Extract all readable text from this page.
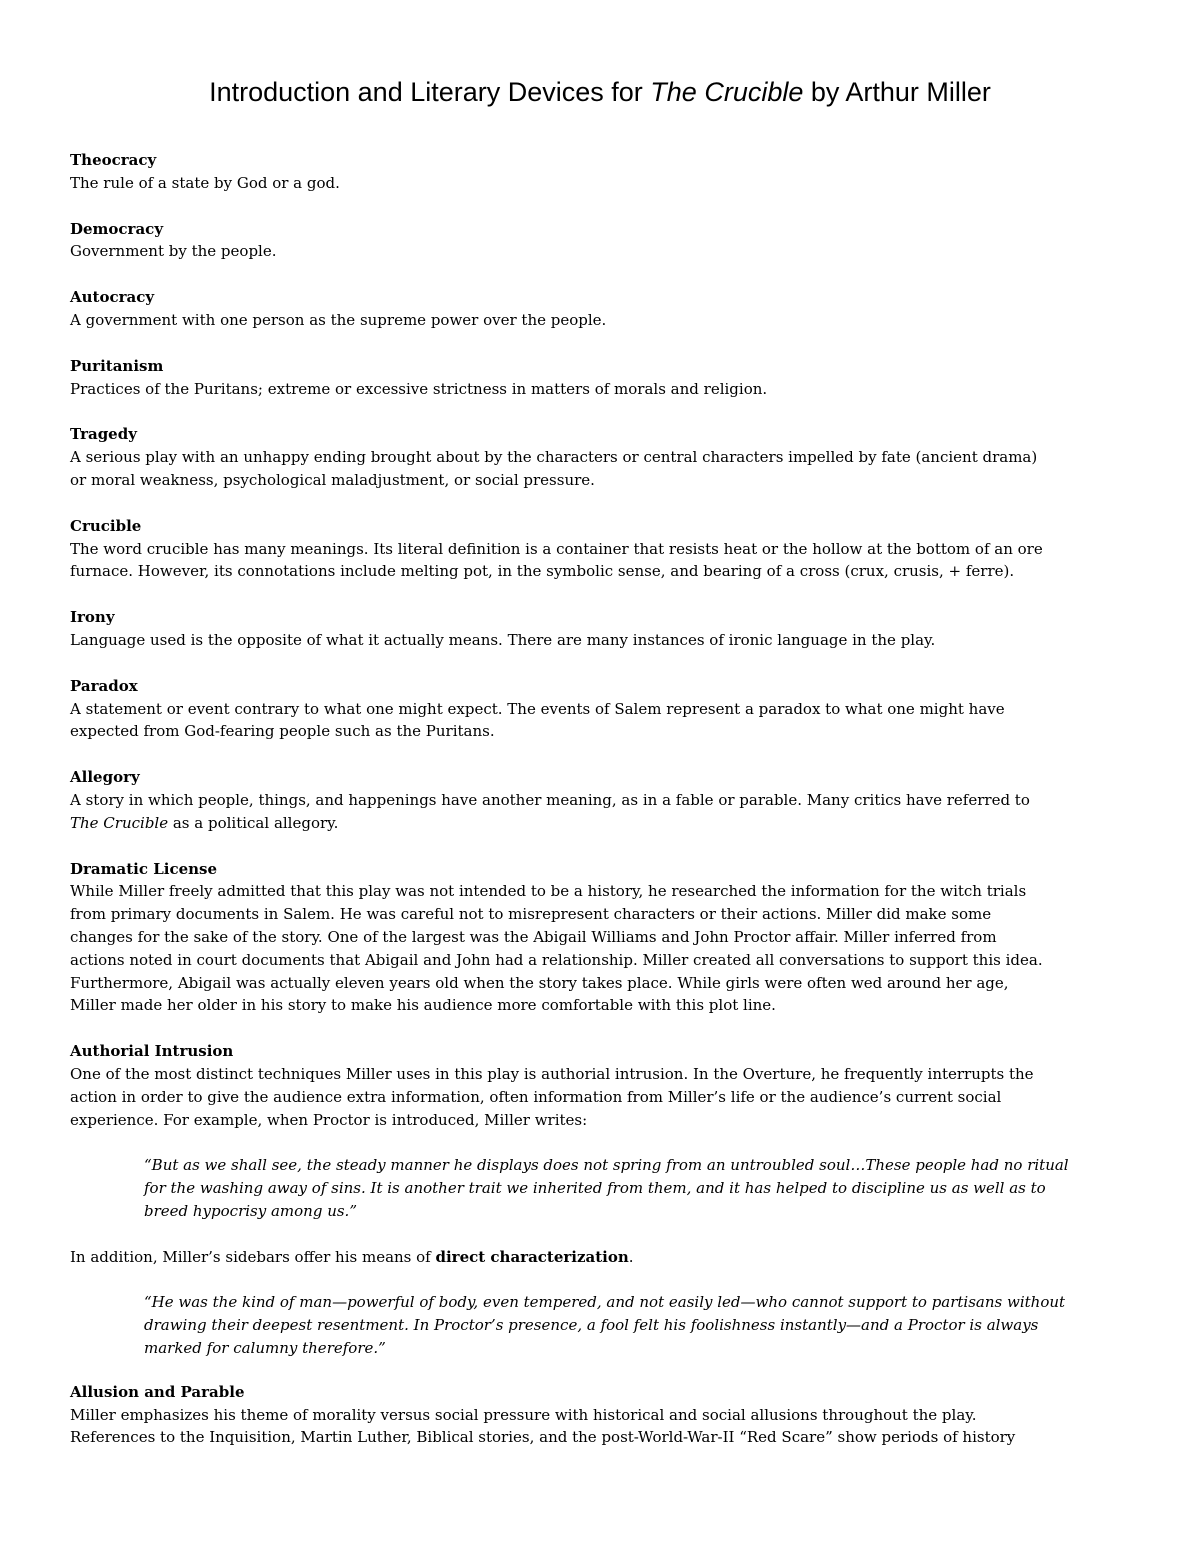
Introduction and Literary Devices for The Crucible by Arthur Miller
Theocracy
The rule of a state by God or a god.
Democracy
Government by the people.
Autocracy
A government with one person as the supreme power over the people.
Puritanism
Practices of the Puritans; extreme or excessive strictness in matters of morals and religion.
Tragedy
A serious play with an unhappy ending brought about by the characters or central characters impelled by fate (ancient drama)
or moral weakness, psychological maladjustment, or social pressure.
Crucible
The word crucible has many meanings. Its literal definition is a container that resists heat or the hollow at the bottom of an ore
furnace. However, its connotations include melting pot, in the symbolic sense, and bearing of a cross (crux, crusis, + ferre).
Irony
Language used is the opposite of what it actually means. There are many instances of ironic language in the play.
Paradox
A statement or event contrary to what one might expect. The events of Salem represent a paradox to what one might have
expected from God-fearing people such as the Puritans.
Allegory
A story in which people, things, and happenings have another meaning, as in a fable or parable. Many critics have referred to
The Crucible as a political allegory.
Dramatic License
While Miller freely admitted that this play was not intended to be a history, he researched the information for the witch trials
from primary documents in Salem. He was careful not to misrepresent characters or their actions. Miller did make some
changes for the sake of the story. One of the largest was the Abigail Williams and John Proctor affair. Miller inferred from
actions noted in court documents that Abigail and John had a relationship. Miller created all conversations to support this idea.
Furthermore, Abigail was actually eleven years old when the story takes place. While girls were often wed around her age,
Miller made her older in his story to make his audience more comfortable with this plot line.
Authorial Intrusion
One of the most distinct techniques Miller uses in this play is authorial intrusion. In the Overture, he frequently interrupts the
action in order to give the audience extra information, often information from Miller’s life or the audience’s current social
experience. For example, when Proctor is introduced, Miller writes:
“But as we shall see, the steady manner he displays does not spring from an untroubled soul…These people had no ritual
for the washing away of sins. It is another trait we inherited from them, and it has helped to discipline us as well as to
breed hypocrisy among us.”
In addition, Miller’s sidebars offer his means of direct characterization.
“He was the kind of man—powerful of body, even tempered, and not easily led—who cannot support to partisans without
drawing their deepest resentment. In Proctor’s presence, a fool felt his foolishness instantly—and a Proctor is always
marked for calumny therefore.”
Allusion and Parable
Miller emphasizes his theme of morality versus social pressure with historical and social allusions throughout the play.
References to the Inquisition, Martin Luther, Biblical stories, and the post-World-War-II “Red Scare” show periods of history
